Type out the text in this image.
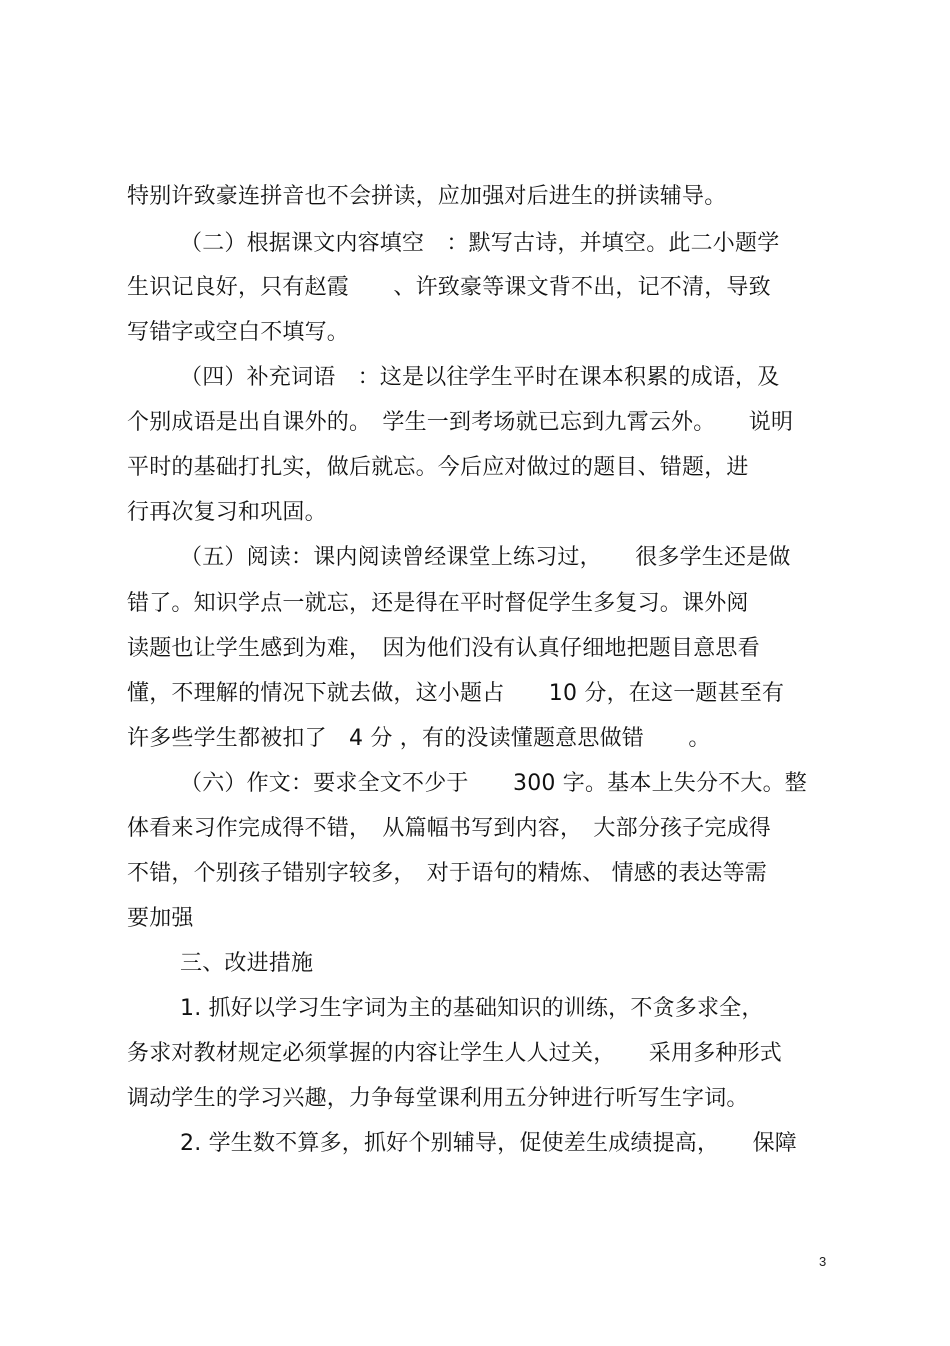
特别许致豪连拼音也不会拼读，应加强对后进生的拼读辅导。
（二）根据课文内容填空　：默写古诗，并填空。此二小题学
生识记良好，只有赵霞　　、许致豪等课文背不出，记不清，导致
写错字或空白不填写。
（四）补充词语　：这是以往学生平时在课本积累的成语，及
个别成语是出自课外的。　学生一到考场就已忘到九霄云外。　　说明
平时的基础打扎实，做后就忘。今后应对做过的题目、错题，进
行再次复习和巩固。
（五）阅读：课内阅读曾经课堂上练习过，　　很多学生还是做
错了。知识学点一就忘，还是得在平时督促学生多复习。课外阅
读题也让学生感到为难，　因为他们没有认真仔细地把题目意思看
懂，不理解的情况下就去做，这小题占　　10 分，在这一题甚至有
许多些学生都被扣了　4 分 ，有的没读懂题意思做错　　。
（六）作文：要求全文不少于　　300 字。基本上失分不大。整
体看来习作完成得不错，　从篇幅书写到内容，　大部分孩子完成得
不错，个别孩子错别字较多，　对于语句的精炼、 情感的表达等需
要加强
三、改进措施
1. 抓好以学习生字词为主的基础知识的训练，不贪多求全，
务求对教材规定必须掌握的内容让学生人人过关，　　采用多种形式
调动学生的学习兴趣，力争每堂课利用五分钟进行听写生字词。
2. 学生数不算多，抓好个别辅导，促使差生成绩提高，　　保障
3
